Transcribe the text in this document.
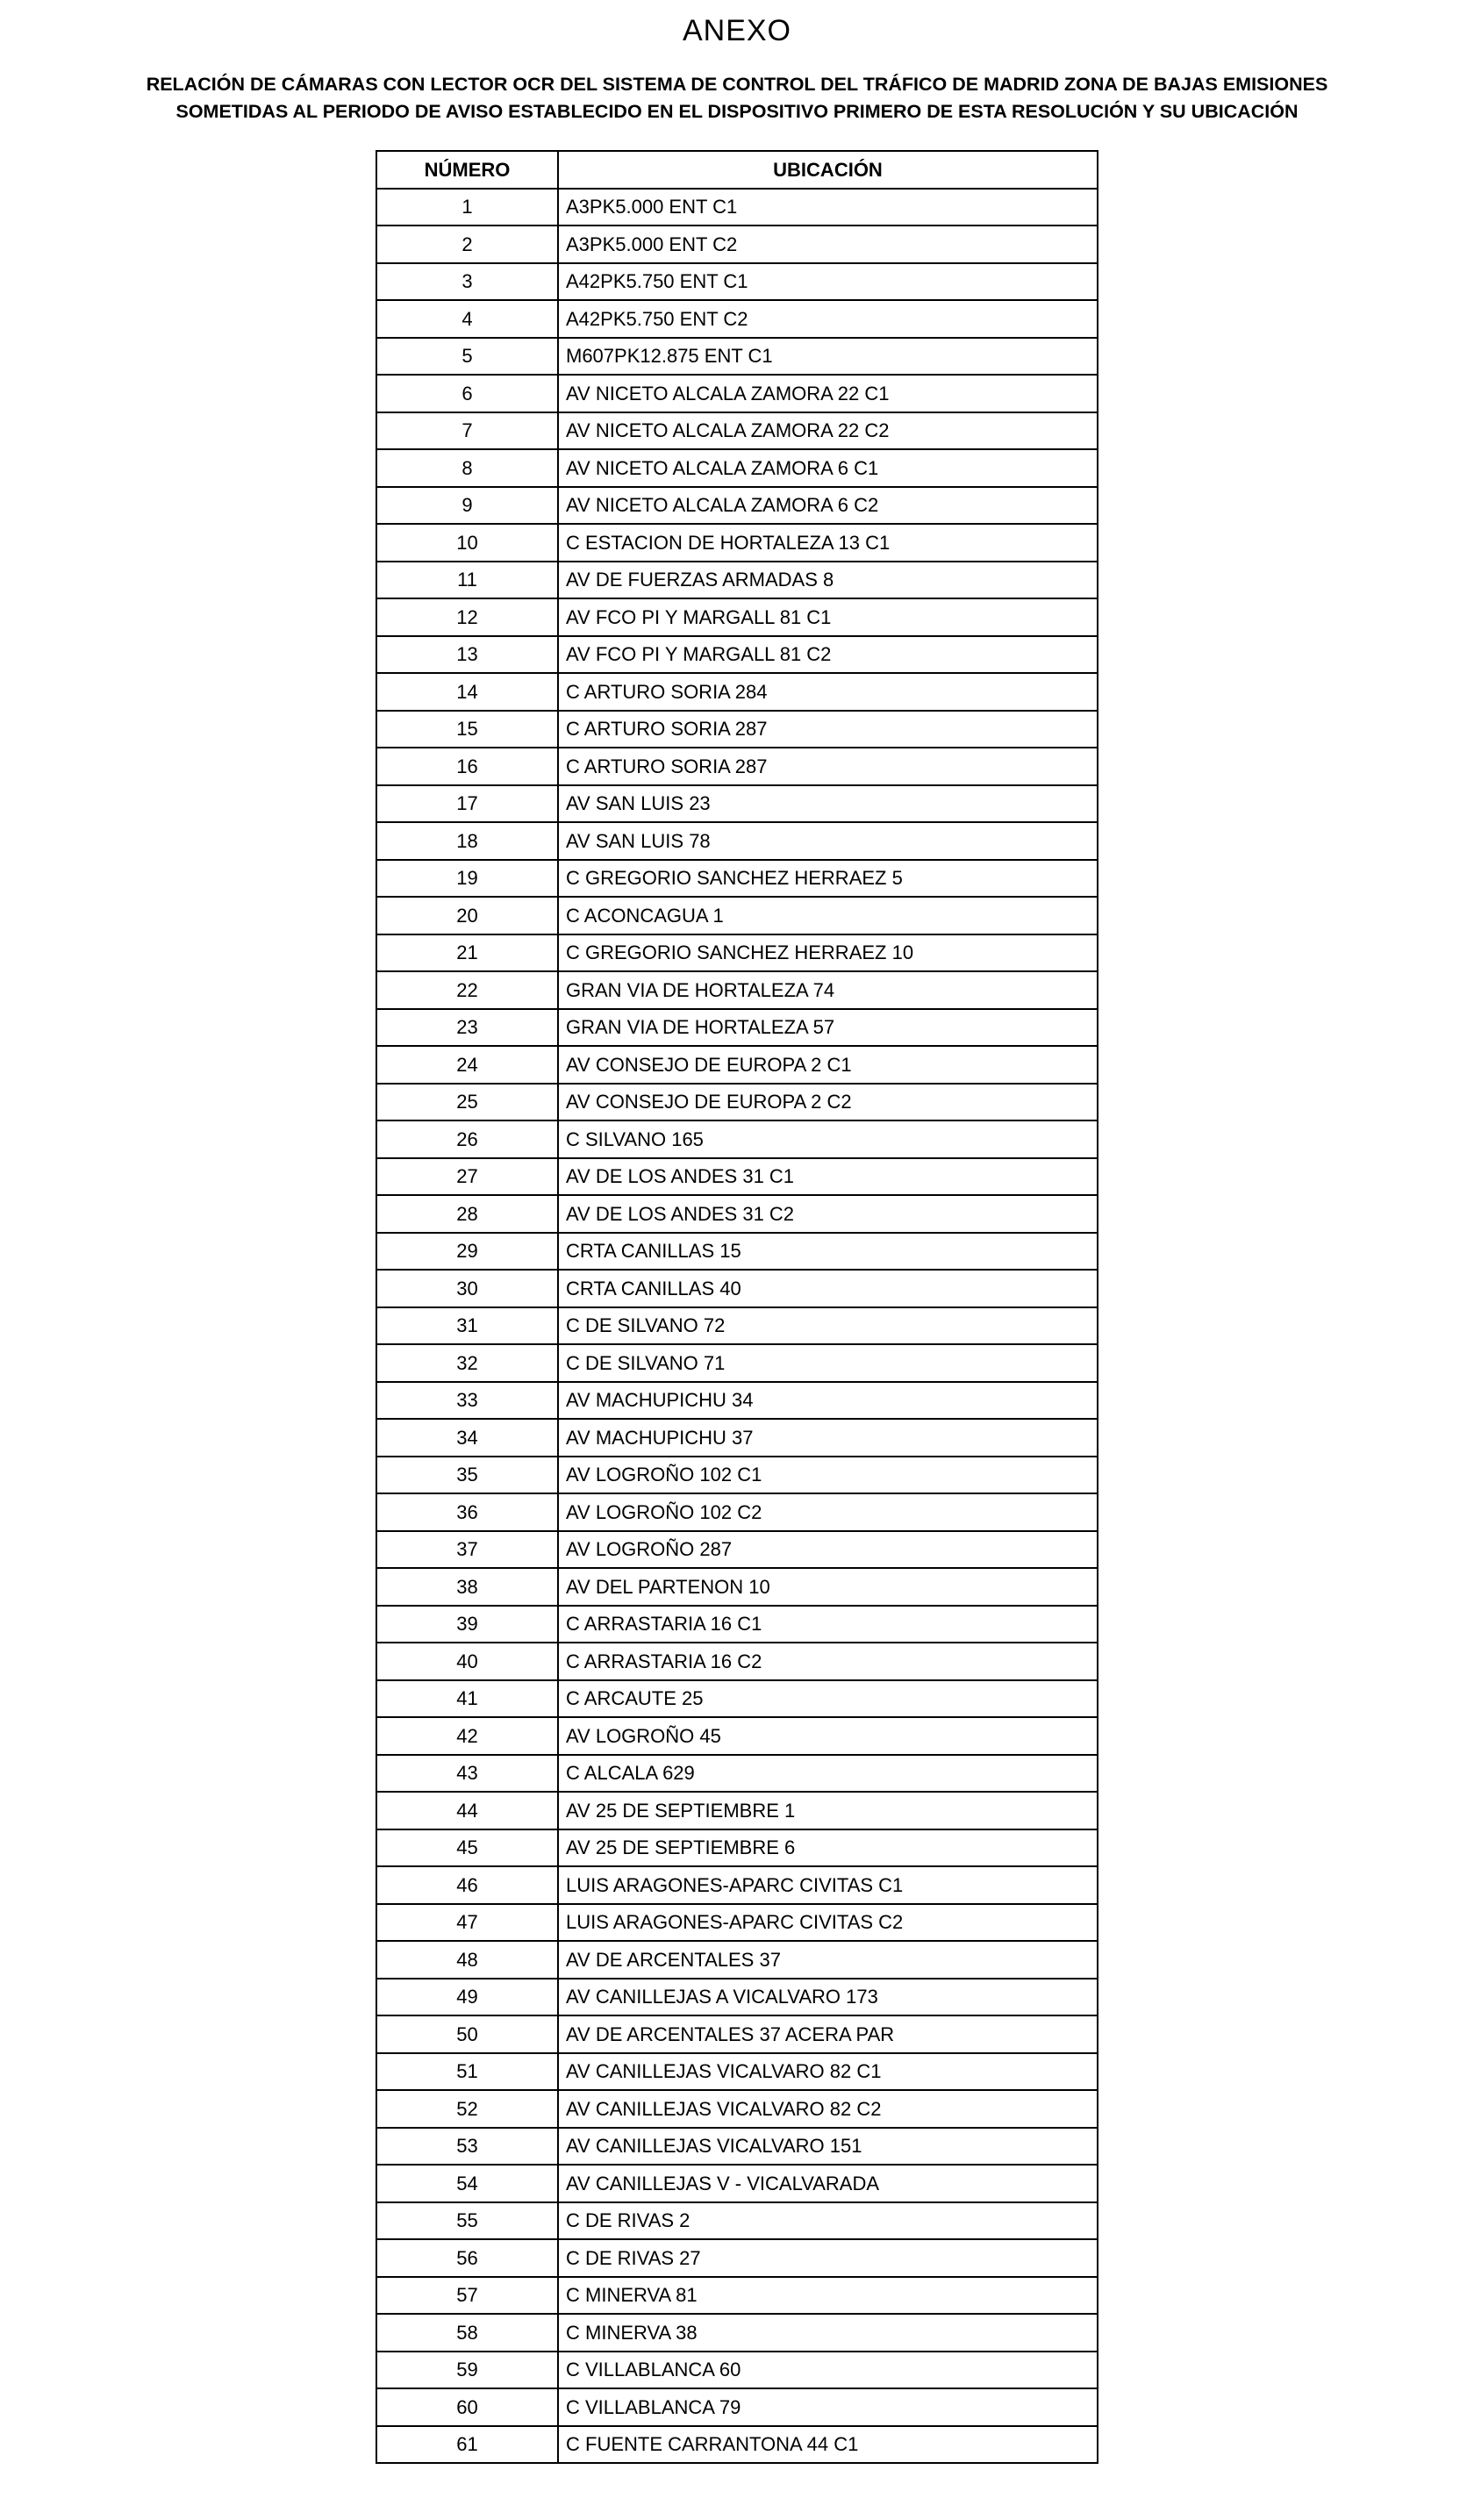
ANEXO
RELACIÓN DE CÁMARAS CON LECTOR OCR DEL SISTEMA DE CONTROL DEL TRÁFICO DE MADRID ZONA DE BAJAS EMISIONES
SOMETIDAS AL PERIODO DE AVISO ESTABLECIDO EN EL DISPOSITIVO PRIMERO DE ESTA RESOLUCIÓN Y SU UBICACIÓN
NÚMERO	UBICACIÓN
1	A3PK5.000 ENT C1
2	A3PK5.000 ENT C2
3	A42PK5.750 ENT C1
4	A42PK5.750 ENT C2
5	M607PK12.875 ENT C1
6	AV NICETO ALCALA ZAMORA 22 C1
7	AV NICETO ALCALA ZAMORA 22 C2
8	AV NICETO ALCALA ZAMORA 6 C1
9	AV NICETO ALCALA ZAMORA 6 C2
10	C ESTACION DE HORTALEZA 13 C1
11	AV DE FUERZAS ARMADAS 8
12	AV FCO PI Y MARGALL 81 C1
13	AV FCO PI Y MARGALL 81 C2
14	C ARTURO SORIA 284
15	C ARTURO SORIA 287
16	C ARTURO SORIA 287
17	AV SAN LUIS 23
18	AV SAN LUIS 78
19	C GREGORIO SANCHEZ HERRAEZ 5
20	C ACONCAGUA 1
21	C GREGORIO SANCHEZ HERRAEZ 10
22	GRAN VIA DE HORTALEZA 74
23	GRAN VIA DE HORTALEZA 57
24	AV CONSEJO DE EUROPA 2 C1
25	AV CONSEJO DE EUROPA 2 C2
26	C SILVANO 165
27	AV DE LOS ANDES 31 C1
28	AV DE LOS ANDES 31 C2
29	CRTA CANILLAS 15
30	CRTA CANILLAS 40
31	C DE SILVANO 72
32	C DE SILVANO 71
33	AV MACHUPICHU 34
34	AV MACHUPICHU 37
35	AV LOGROÑO 102 C1
36	AV LOGROÑO 102 C2
37	AV LOGROÑO 287
38	AV DEL PARTENON 10
39	C ARRASTARIA 16 C1
40	C ARRASTARIA 16 C2
41	C ARCAUTE 25
42	AV LOGROÑO 45
43	C ALCALA 629
44	AV 25 DE SEPTIEMBRE 1
45	AV 25 DE SEPTIEMBRE 6
46	LUIS ARAGONES-APARC CIVITAS C1
47	LUIS ARAGONES-APARC CIVITAS C2
48	AV DE ARCENTALES 37
49	AV CANILLEJAS A VICALVARO 173
50	AV DE ARCENTALES 37 ACERA PAR
51	AV CANILLEJAS VICALVARO 82 C1
52	AV CANILLEJAS VICALVARO 82 C2
53	AV CANILLEJAS VICALVARO 151
54	AV CANILLEJAS V - VICALVARADA
55	C DE RIVAS 2
56	C DE RIVAS 27
57	C MINERVA 81
58	C MINERVA 38
59	C VILLABLANCA 60
60	C VILLABLANCA 79
61	C FUENTE CARRANTONA 44 C1
